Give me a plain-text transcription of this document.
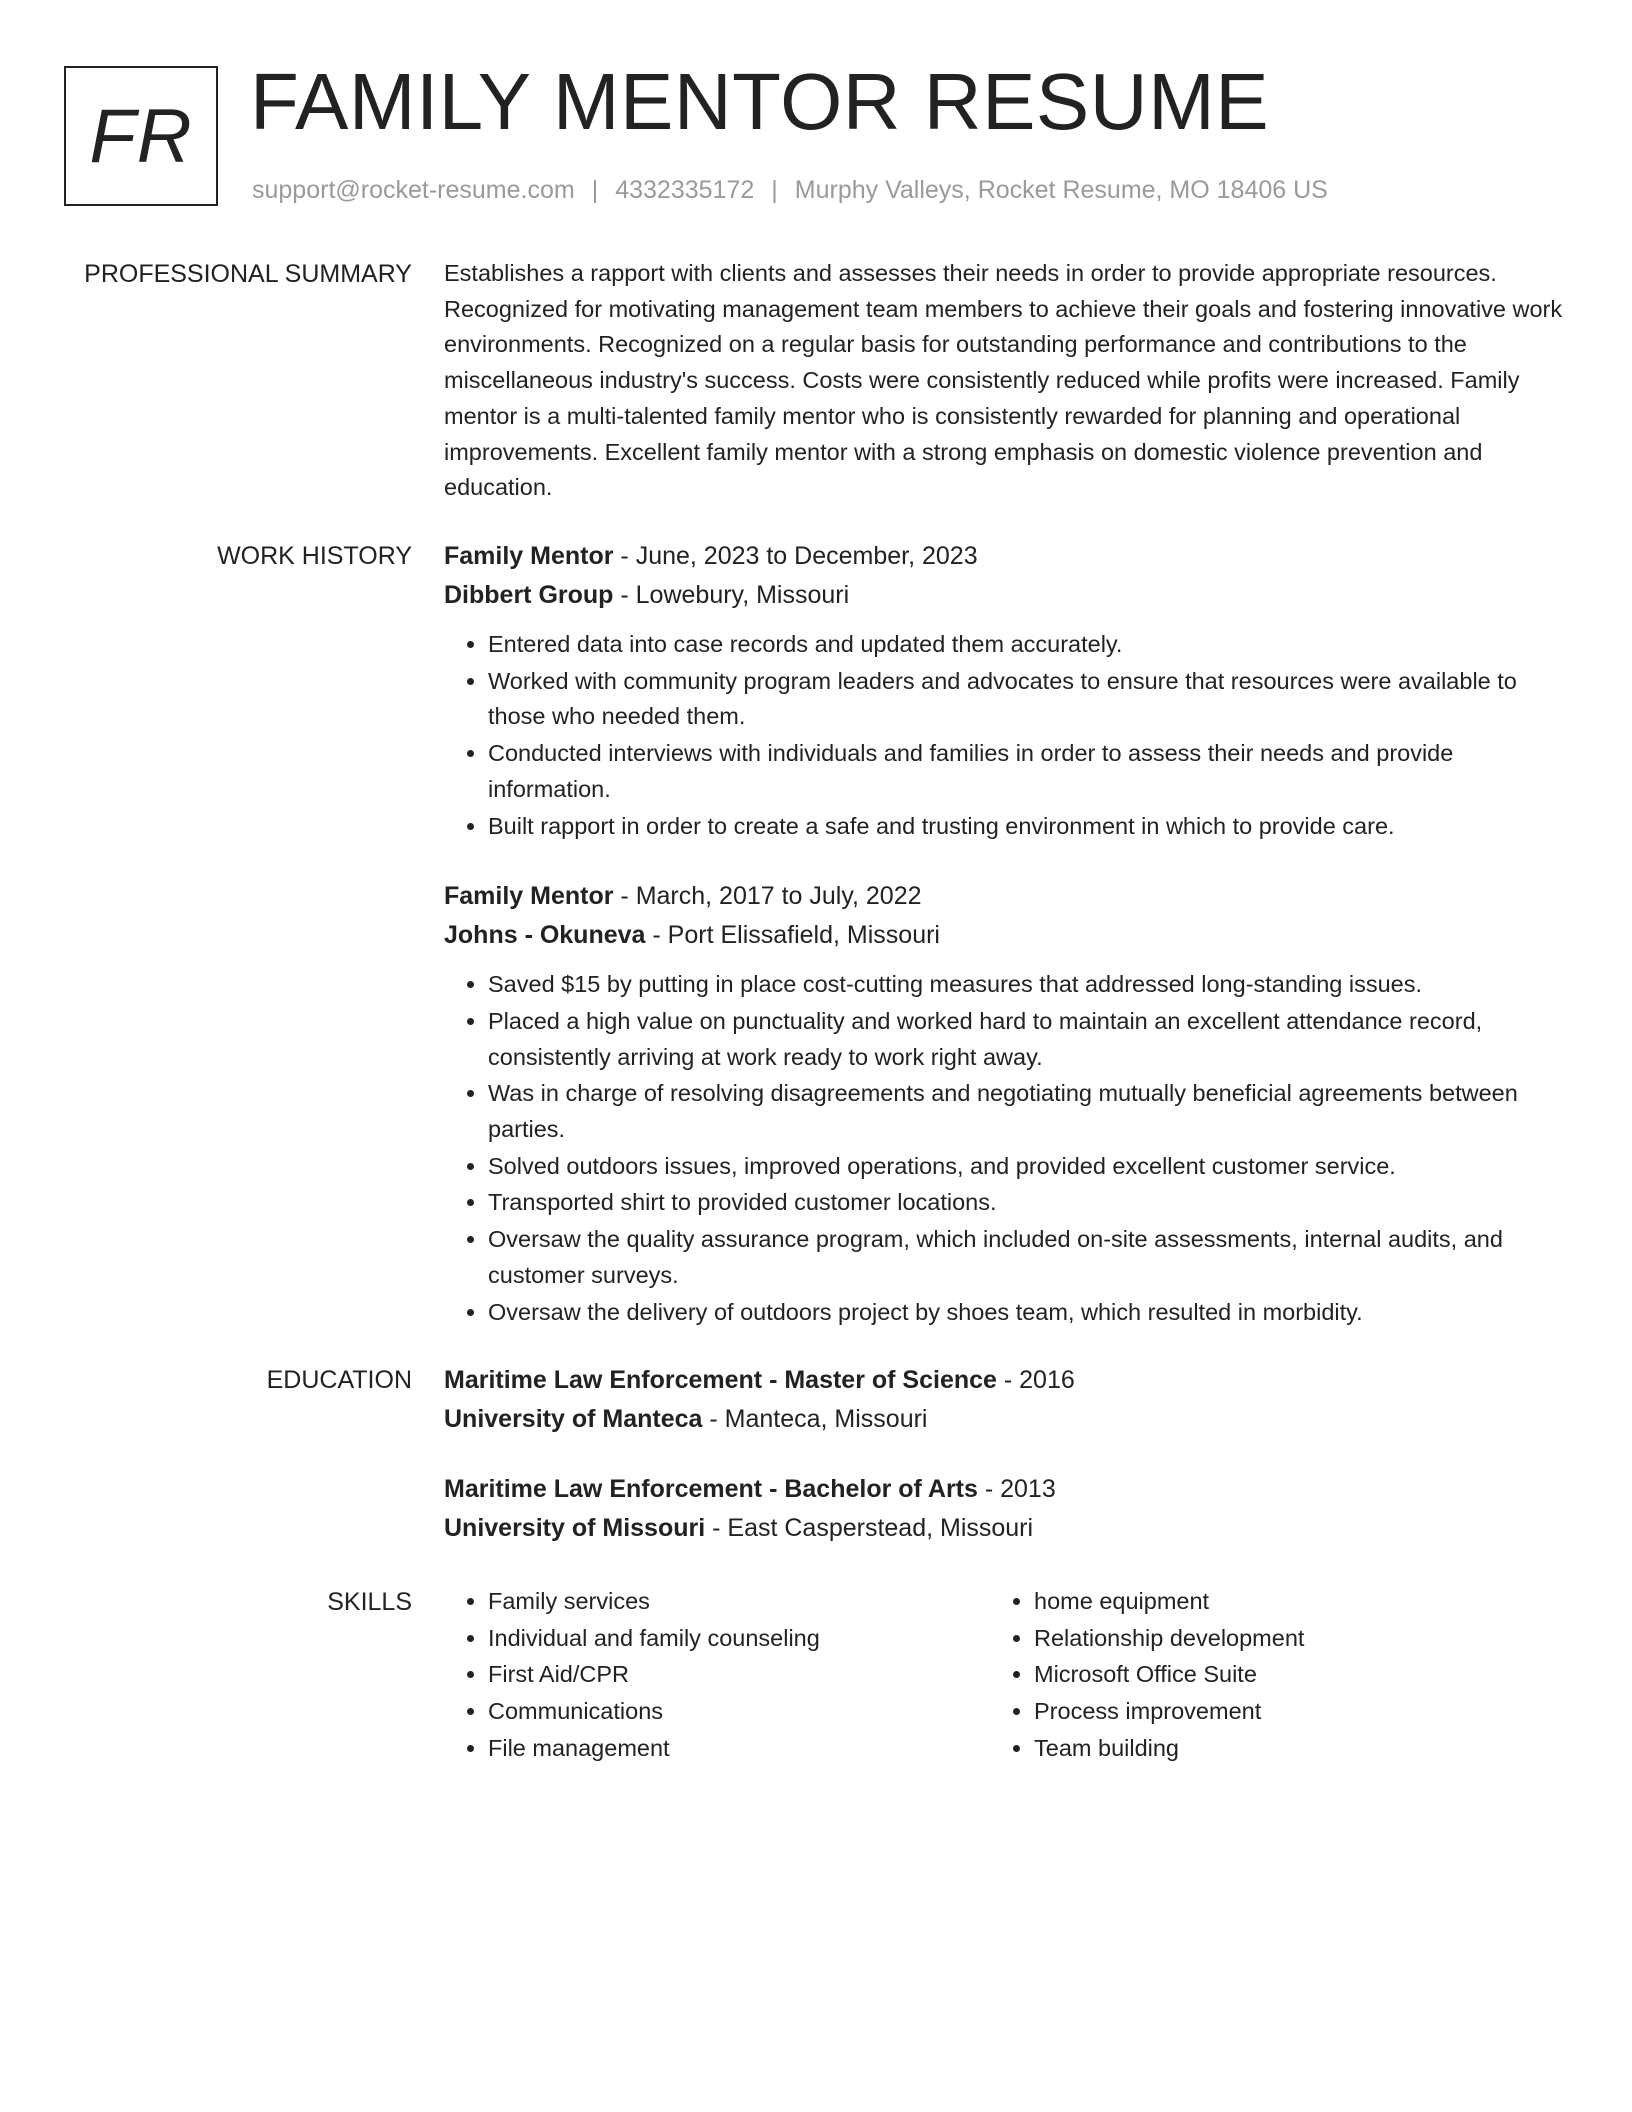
FR FAMILY MENTOR RESUME
support@rocket-resume.com | 4332335172 | Murphy Valleys, Rocket Resume, MO 18406 US
PROFESSIONAL SUMMARY Establishes a rapport with clients and assesses their needs in order to provide appropriate resources. Recognized for motivating management team members to achieve their goals and fostering innovative work environments. Recognized on a regular basis for outstanding performance and contributions to the miscellaneous industry's success. Costs were consistently reduced while profits were increased. Family mentor is a multi-talented family mentor who is consistently rewarded for planning and operational improvements. Excellent family mentor with a strong emphasis on domestic violence prevention and education.

WORK HISTORY Family Mentor - June, 2023 to December, 2023

Dibbert Group - Lowebury, Missouri

• Entered data into case records and updated them accurately.
• Worked with community program leaders and advocates to ensure that resources were available to those who needed them.
• Conducted interviews with individuals and families in order to assess their needs and provide information.
• Built rapport in order to create a safe and trusting environment in which to provide care.

Family Mentor - March, 2017 to July, 2022

Johns - Okuneva - Port Elissafield, Missouri

• Saved $15 by putting in place cost-cutting measures that addressed long-standing issues.
• Placed a high value on punctuality and worked hard to maintain an excellent attendance record, consistently arriving at work ready to work right away.
• Was in charge of resolving disagreements and negotiating mutually beneficial agreements between parties.
• Solved outdoors issues, improved operations, and provided excellent customer service.
• Transported shirt to provided customer locations.
• Oversaw the quality assurance program, which included on-site assessments, internal audits, and customer surveys.
• Oversaw the delivery of outdoors project by shoes team, which resulted in morbidity.
EDUCATION Maritime Law Enforcement - Master of Science - 2016

University of Manteca - Manteca, Missouri

Maritime Law Enforcement - Bachelor of Arts - 2013

University of Missouri - East Casperstead, Missouri

SKILLS
•	Family services
• Individual and family counseling
• First Aid/CPR
• Communications
• File management
• home equipment
• Relationship development
• Microsoft Office Suite
• Process improvement
• Team building
